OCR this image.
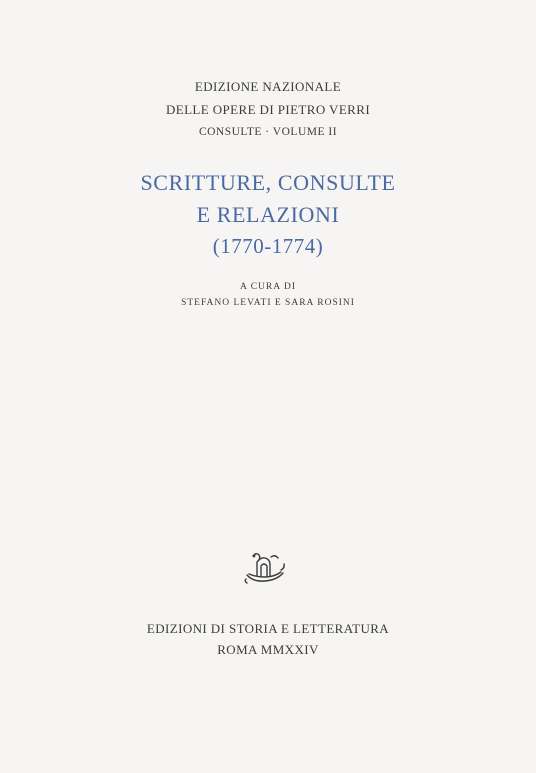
EDIZIONE NAZIONALE
DELLE OPERE DI PIETRO VERRI
CONSULTE · VOLUME II
SCRITTURE, CONSULTE
E RELAZIONI
(1770-1774)
A CURA DI
STEFANO LEVATI E SARA ROSINI
EDIZIONI DI STORIA E LETTERATURA
ROMA MMXXIV
